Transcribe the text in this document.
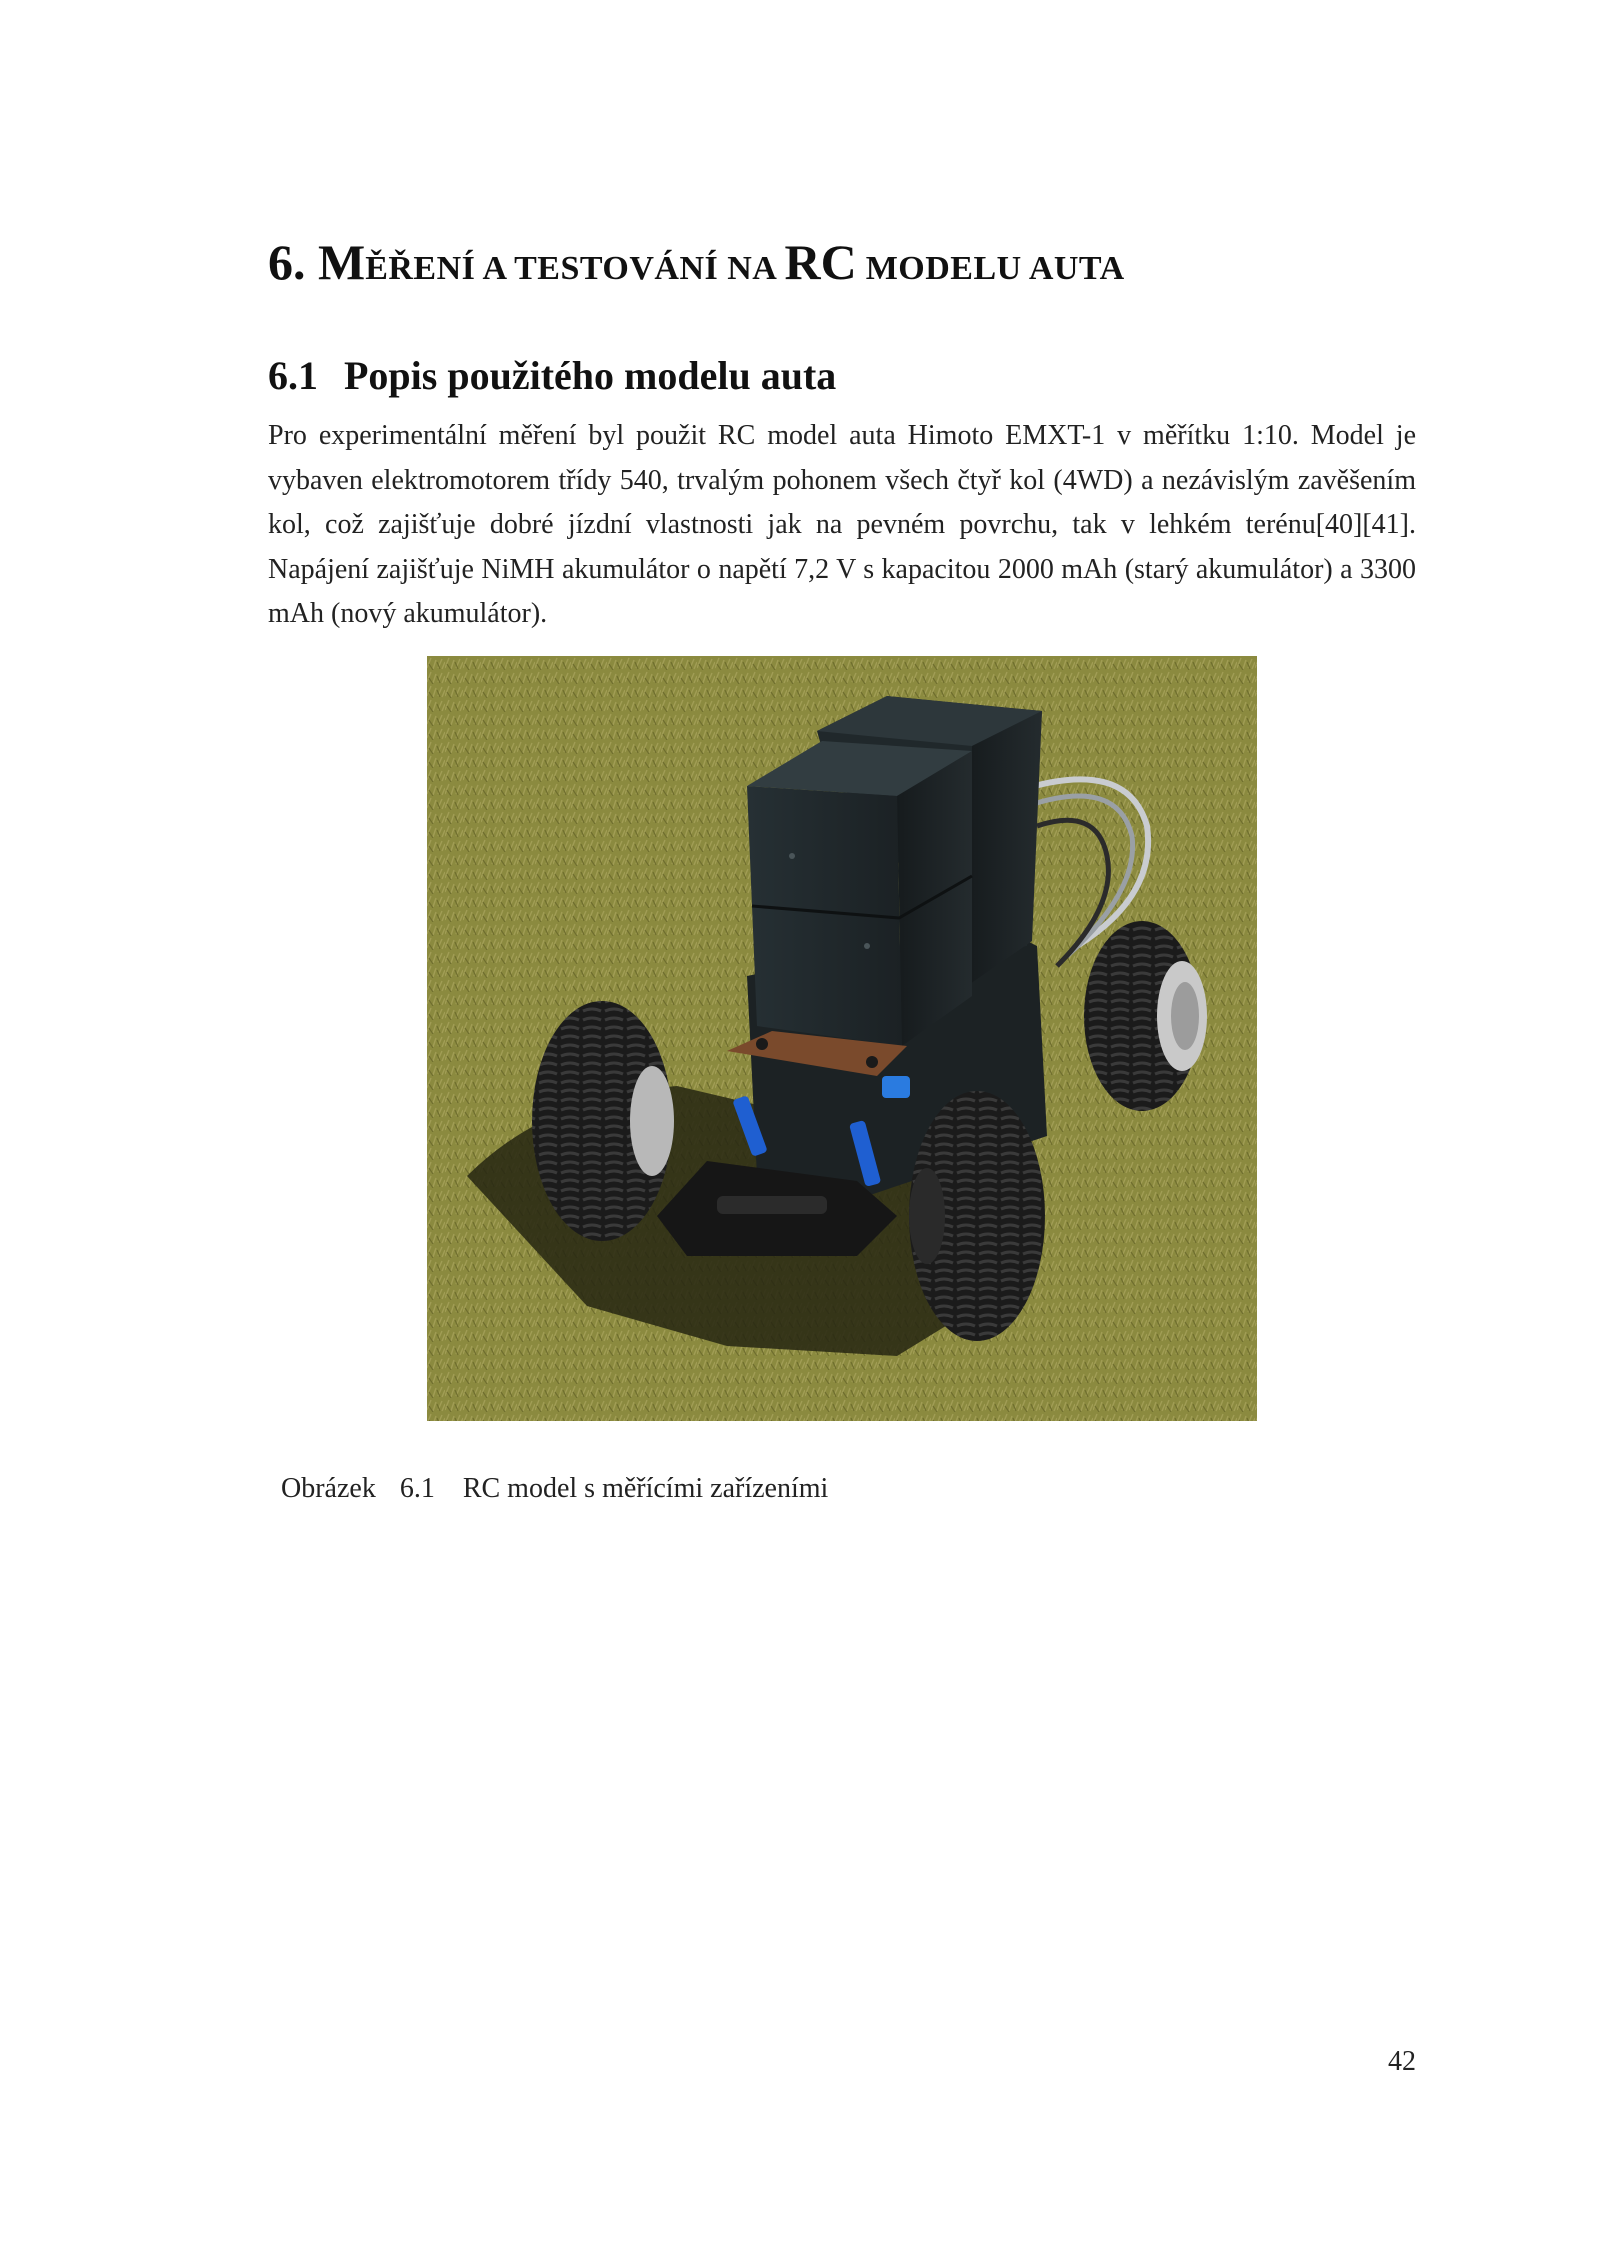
6. MĚŘENÍ A TESTOVÁNÍ NA RC MODELU AUTA
6.1 Popis použitého modelu auta

Pro experimentální měření byl použit RC model auta Himoto EMXT-1 v měřítku 1:10. Model je vybaven elektromotorem třídy 540, trvalým pohonem všech čtyř kol (4WD) a nezávislým zavěšením kol, což zajišťuje dobré jízdní vlastnosti jak na pevném povrchu, tak v lehkém terénu[40][41]. Napájení zajišťuje NiMH akumulátor o napětí 7,2 V s kapacitou 2000 mAh (starý akumulátor) a 3300 mAh (nový akumulátor).

Obrázek 6.1 RC model s měřícími zařízeními
42
